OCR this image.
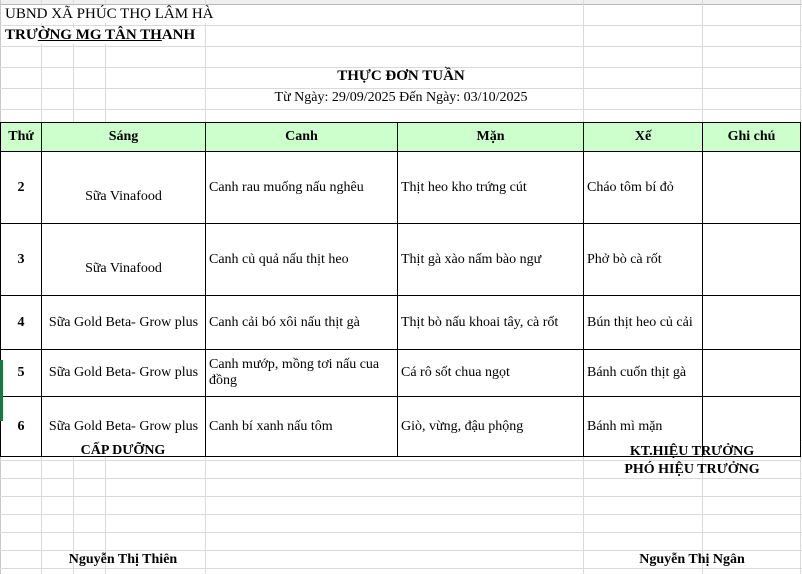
UBND XÃ PHÚC THỌ LÂM HÀ
TRƯỜNG MG TÂN THANH
THỰC ĐƠN TUẦN
Từ Ngày: 29/09/2025 Đến Ngày: 03/10/2025
Thứ	Sáng	Canh	Mặn	Xế	Ghi chú
2	Sữa Vinafood	Canh rau muống nấu nghêu	Thịt heo kho trứng cút	Cháo tôm bí đỏ	
3	Sữa Vinafood	Canh củ quả nấu thịt heo	Thịt gà xào nấm bào ngư	Phở bò cà rốt	
4	Sữa Gold Beta- Grow plus	Canh cải bó xôi nấu thịt gà	Thịt bò nấu khoai tây, cà rốt	Bún thịt heo củ cải	
5	Sữa Gold Beta- Grow plus	Canh mướp, mồng tơi nấu cua đồng	Cá rô sốt chua ngọt	Bánh cuốn thịt gà	
6	Sữa Gold Beta- Grow plus	Canh bí xanh nấu tôm	Giò, vừng, đậu phộng	Bánh mì mặn	
CẤP DƯỠNG	KT.HIỆU TRƯỞNG
PHÓ HIỆU TRƯỞNG
Nguyễn Thị Thiên	Nguyễn Thị Ngân
